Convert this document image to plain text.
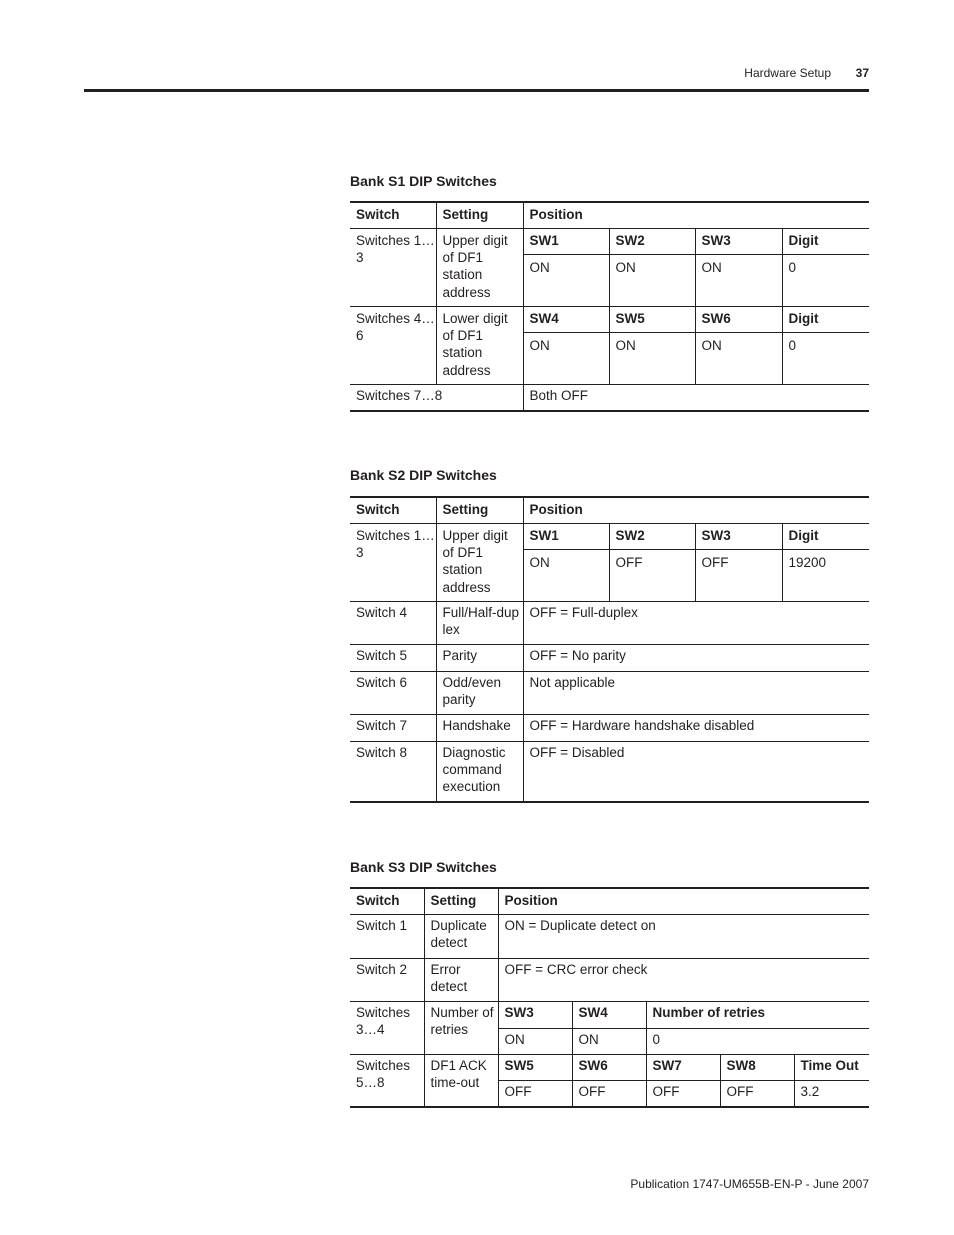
Hardware Setup	37
Bank S1 DIP Switches
Switch	Setting	Position			
Switches 1…3	Upper digit of DF1 station address	SW1	SW2	SW3	Digit
		ON	ON	ON	0
Switches 4…6	Lower digit of DF1 station address	SW4	SW5	SW6	Digit
		ON	ON	ON	0
Switches 7…8		Both OFF			
Bank S2 DIP Switches
Switch	Setting	Position			
Switches 1…3	Upper digit of DF1 station address	SW1	SW2	SW3	Digit
		ON	OFF	OFF	19200
Switch 4	Full/Half-dup lex	OFF = Full-duplex			
Switch 5	Parity	OFF = No parity			
Switch 6	Odd/even parity	Not applicable			
Switch 7	Handshake	OFF = Hardware handshake disabled			
Switch 8	Diagnostic command execution	OFF = Disabled			
Bank S3 DIP Switches
Switch	Setting	Position				
Switch 1	Duplicate detect	ON = Duplicate detect on				
Switch 2	Error detect	OFF = CRC error check				
Switches 3…4	Number of retries	SW3	SW4	Number of retries		
		ON	ON	0		
Switches 5…8	DF1 ACK time-out	SW5	SW6	SW7	SW8	Time Out
		OFF	OFF	OFF	OFF	3.2
Publication 1747-UM655B-EN-P - June 2007
